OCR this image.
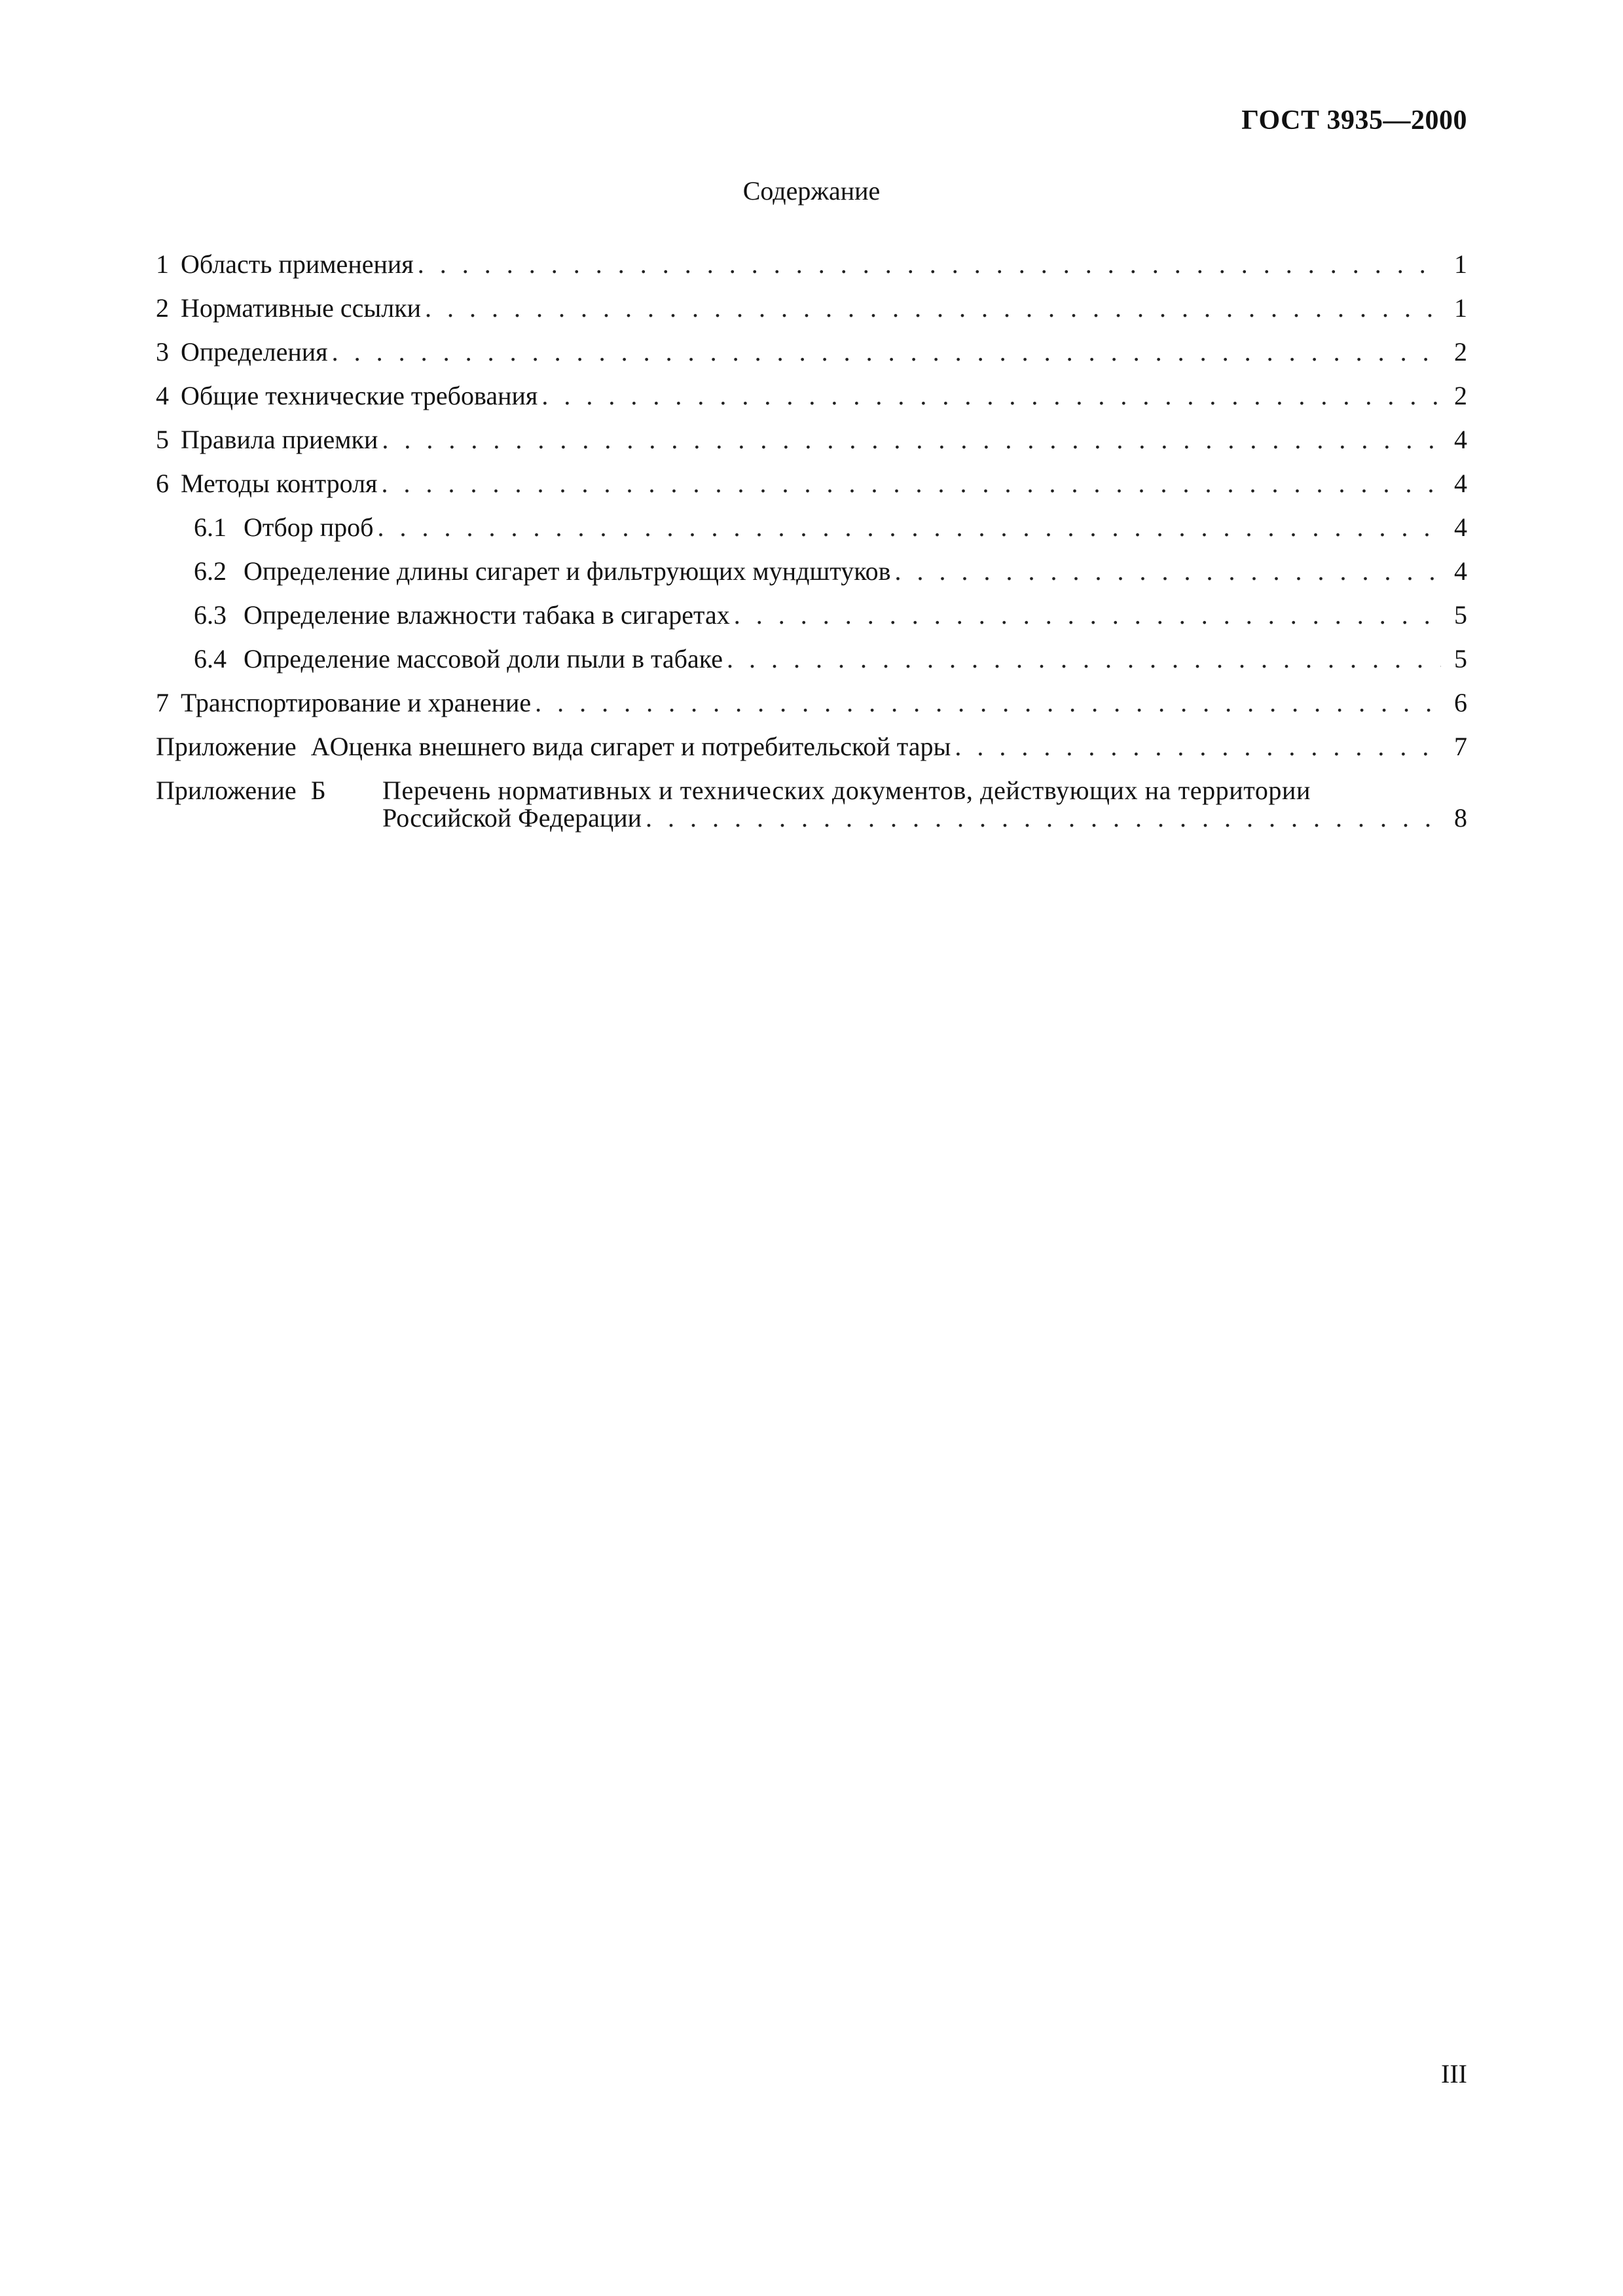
ГОСТ 3935—2000
Содержание
1 Область применения . . .	1
2 Нормативные ссылки . . .	1
3 Определения . . .	2
4 Общие технические требования . . .	2
5 Правила приемки . . .	4
6 Методы контроля . . .	4
6.1 Отбор проб . . .	4
6.2 Определение длины сигарет и фильтрующих мундштуков . . .	4
6.3 Определение влажности табака в сигаретах . . .	5
6.4 Определение массовой доли пыли в табаке . . .	5
7 Транспортирование и хранение . . .	6
Приложение А Оценка внешнего вида сигарет и потребительской тары . . .	7
Приложение Б	Перечень нормативных и технических документов, действующих на территории
Российской Федерации . . .	8
III
